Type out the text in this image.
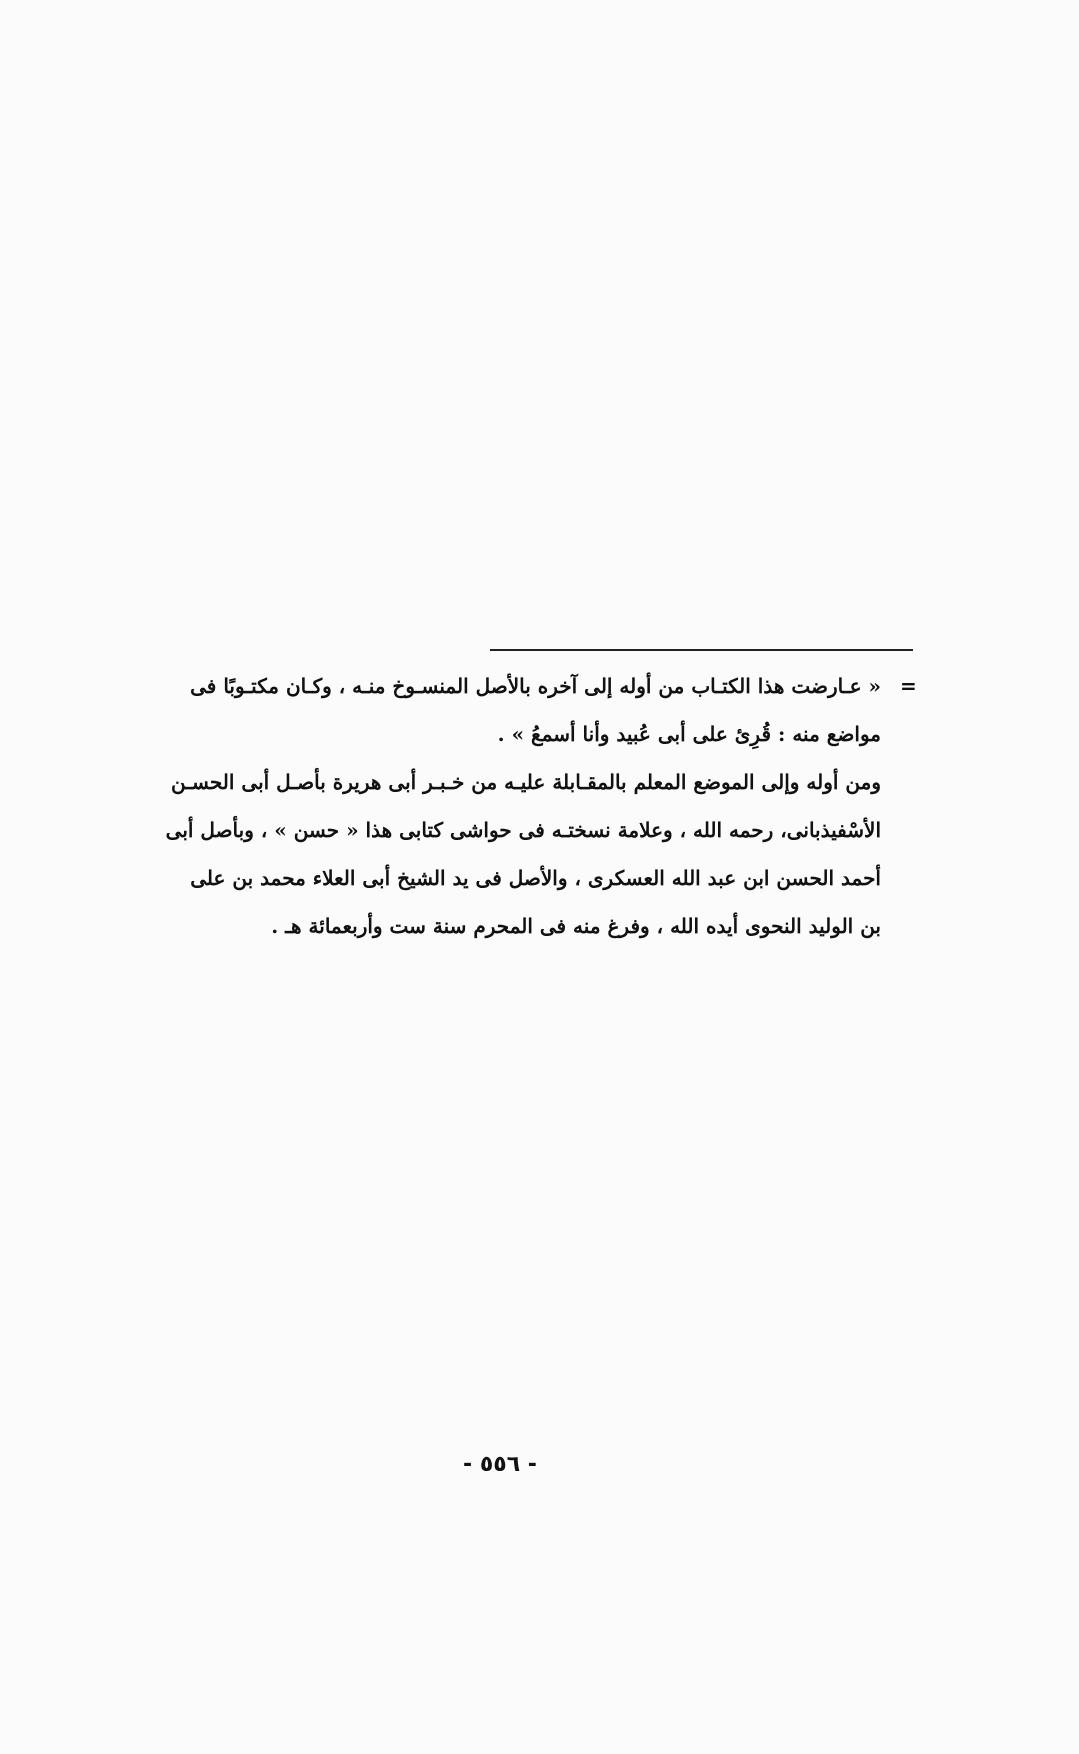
=
« عـارضت هذا الكتـاب من أوله إلى آخره بالأصل المنسـوخ منـه ، وكـان مكتـوبًا فى
مواضع منه : قُرِئ على أبى عُبيد وأنا أسمعُ » .
ومن أوله وإلى الموضع المعلم بالمقـابلة عليـه من خـبـر أبى هريرة بأصـل أبى الحسـن
الأسْفيذبانى، رحمه الله ، وعلامة نسختـه فى حواشى كتابى هذا « حسن » ، وبأصل أبى
أحمد الحسن ابن عبد الله العسكرى ، والأصل فى يد الشيخ أبى العلاء محمد بن على
بن الوليد النحوى أيده الله ، وفرغ منه فى المحرم سنة ست وأربعمائة هـ .
- ٥٥٦ -
